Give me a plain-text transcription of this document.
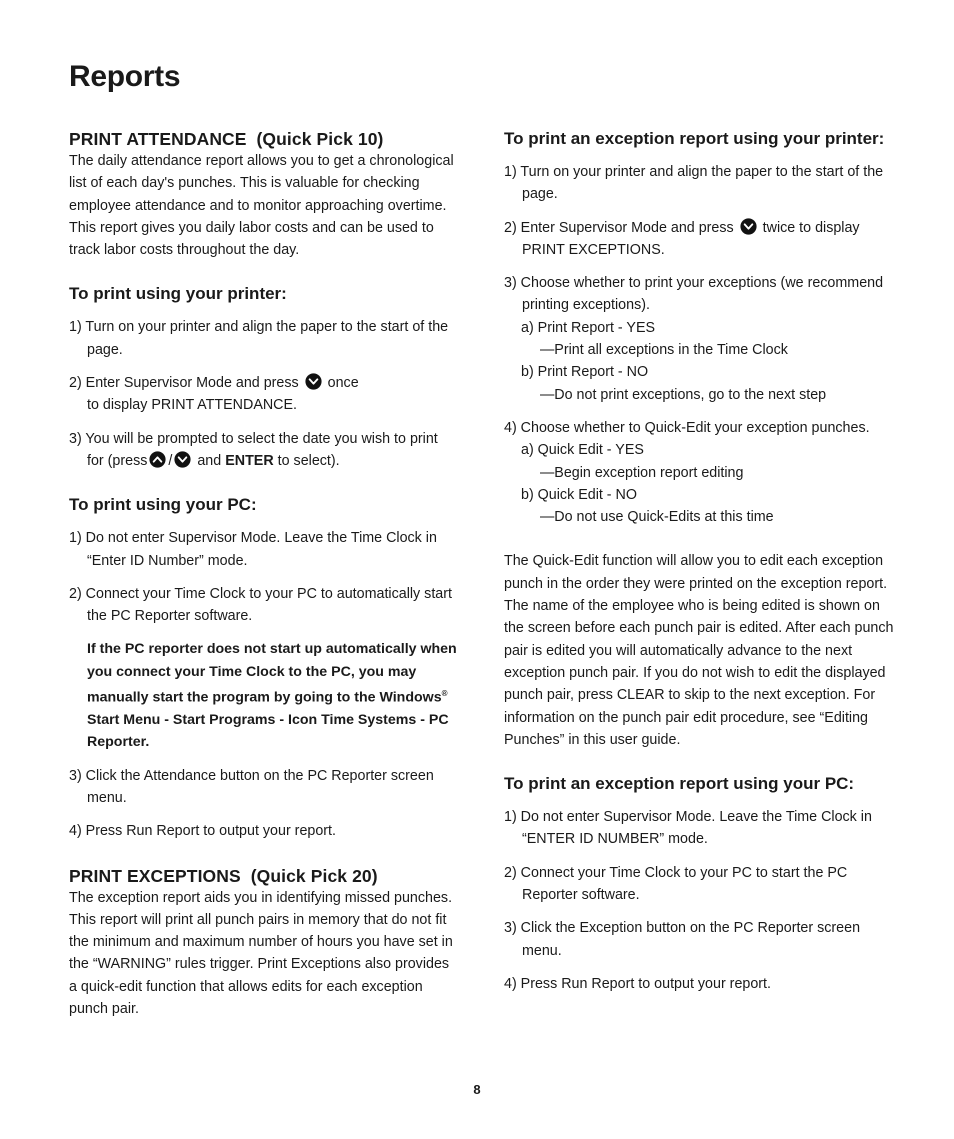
Reports
PRINT ATTENDANCE  (Quick Pick 10)

The daily attendance report allows you to get a chronological list of each day's punches. This is valuable for checking employee attendance and to monitor approaching overtime. This report gives you daily labor costs and can be used to track labor costs throughout the day.

To print using your printer:
1) Turn on your printer and align the paper to the start of the page.
2) Enter Supervisor Mode and press once
to display PRINT ATTENDANCE.
3) You will be prompted to select the date you wish to print for (press / and ENTER to select).
To print using your PC:
1) Do not enter Supervisor Mode. Leave the Time Clock in “Enter ID Number” mode.
2) Connect your Time Clock to your PC to automatically start the PC Reporter software.
If the PC reporter does not start up automatically when you connect your Time Clock to the PC, you may manually start the program by going to the Windows® Start Menu - Start Programs - Icon Time Systems - PC Reporter.
3) Click the Attendance button on the PC Reporter screen menu.
4) Press Run Report to output your report.
PRINT EXCEPTIONS  (Quick Pick 20)

The exception report aids you in identifying missed punches. This report will print all punch pairs in memory that do not fit the minimum and maximum number of hours you have set in the “WARNING” rules trigger. Print Exceptions also provides a quick-edit function that allows edits for each exception punch pair.

To print an exception report using your printer:
1) Turn on your printer and align the paper to the start of the page.
2) Enter Supervisor Mode and press twice to display PRINT EXCEPTIONS.
3) Choose whether to print your exceptions (we recommend printing exceptions).
a) Print Report - YES
—Print all exceptions in the Time Clock
b) Print Report - NO
—Do not print exceptions, go to the next step
4) Choose whether to Quick-Edit your exception punches.
a) Quick Edit - YES
—Begin exception report editing
b) Quick Edit - NO
—Do not use Quick-Edits at this time

The Quick-Edit function will allow you to edit each exception punch in the order they were printed on the exception report. The name of the employee who is being edited is shown on the screen before each punch pair is edited. After each punch pair is edited you will automatically advance to the next exception punch pair. If you do not wish to edit the displayed punch pair, press CLEAR to skip to the next exception. For information on the punch pair edit procedure, see “Editing Punches” in this user guide.

To print an exception report using your PC:
1) Do not enter Supervisor Mode. Leave the Time Clock in “ENTER ID NUMBER” mode.
2) Connect your Time Clock to your PC to start the PC Reporter software.
3) Click the Exception button on the PC Reporter screen menu.
4) Press Run Report to output your report.
8
